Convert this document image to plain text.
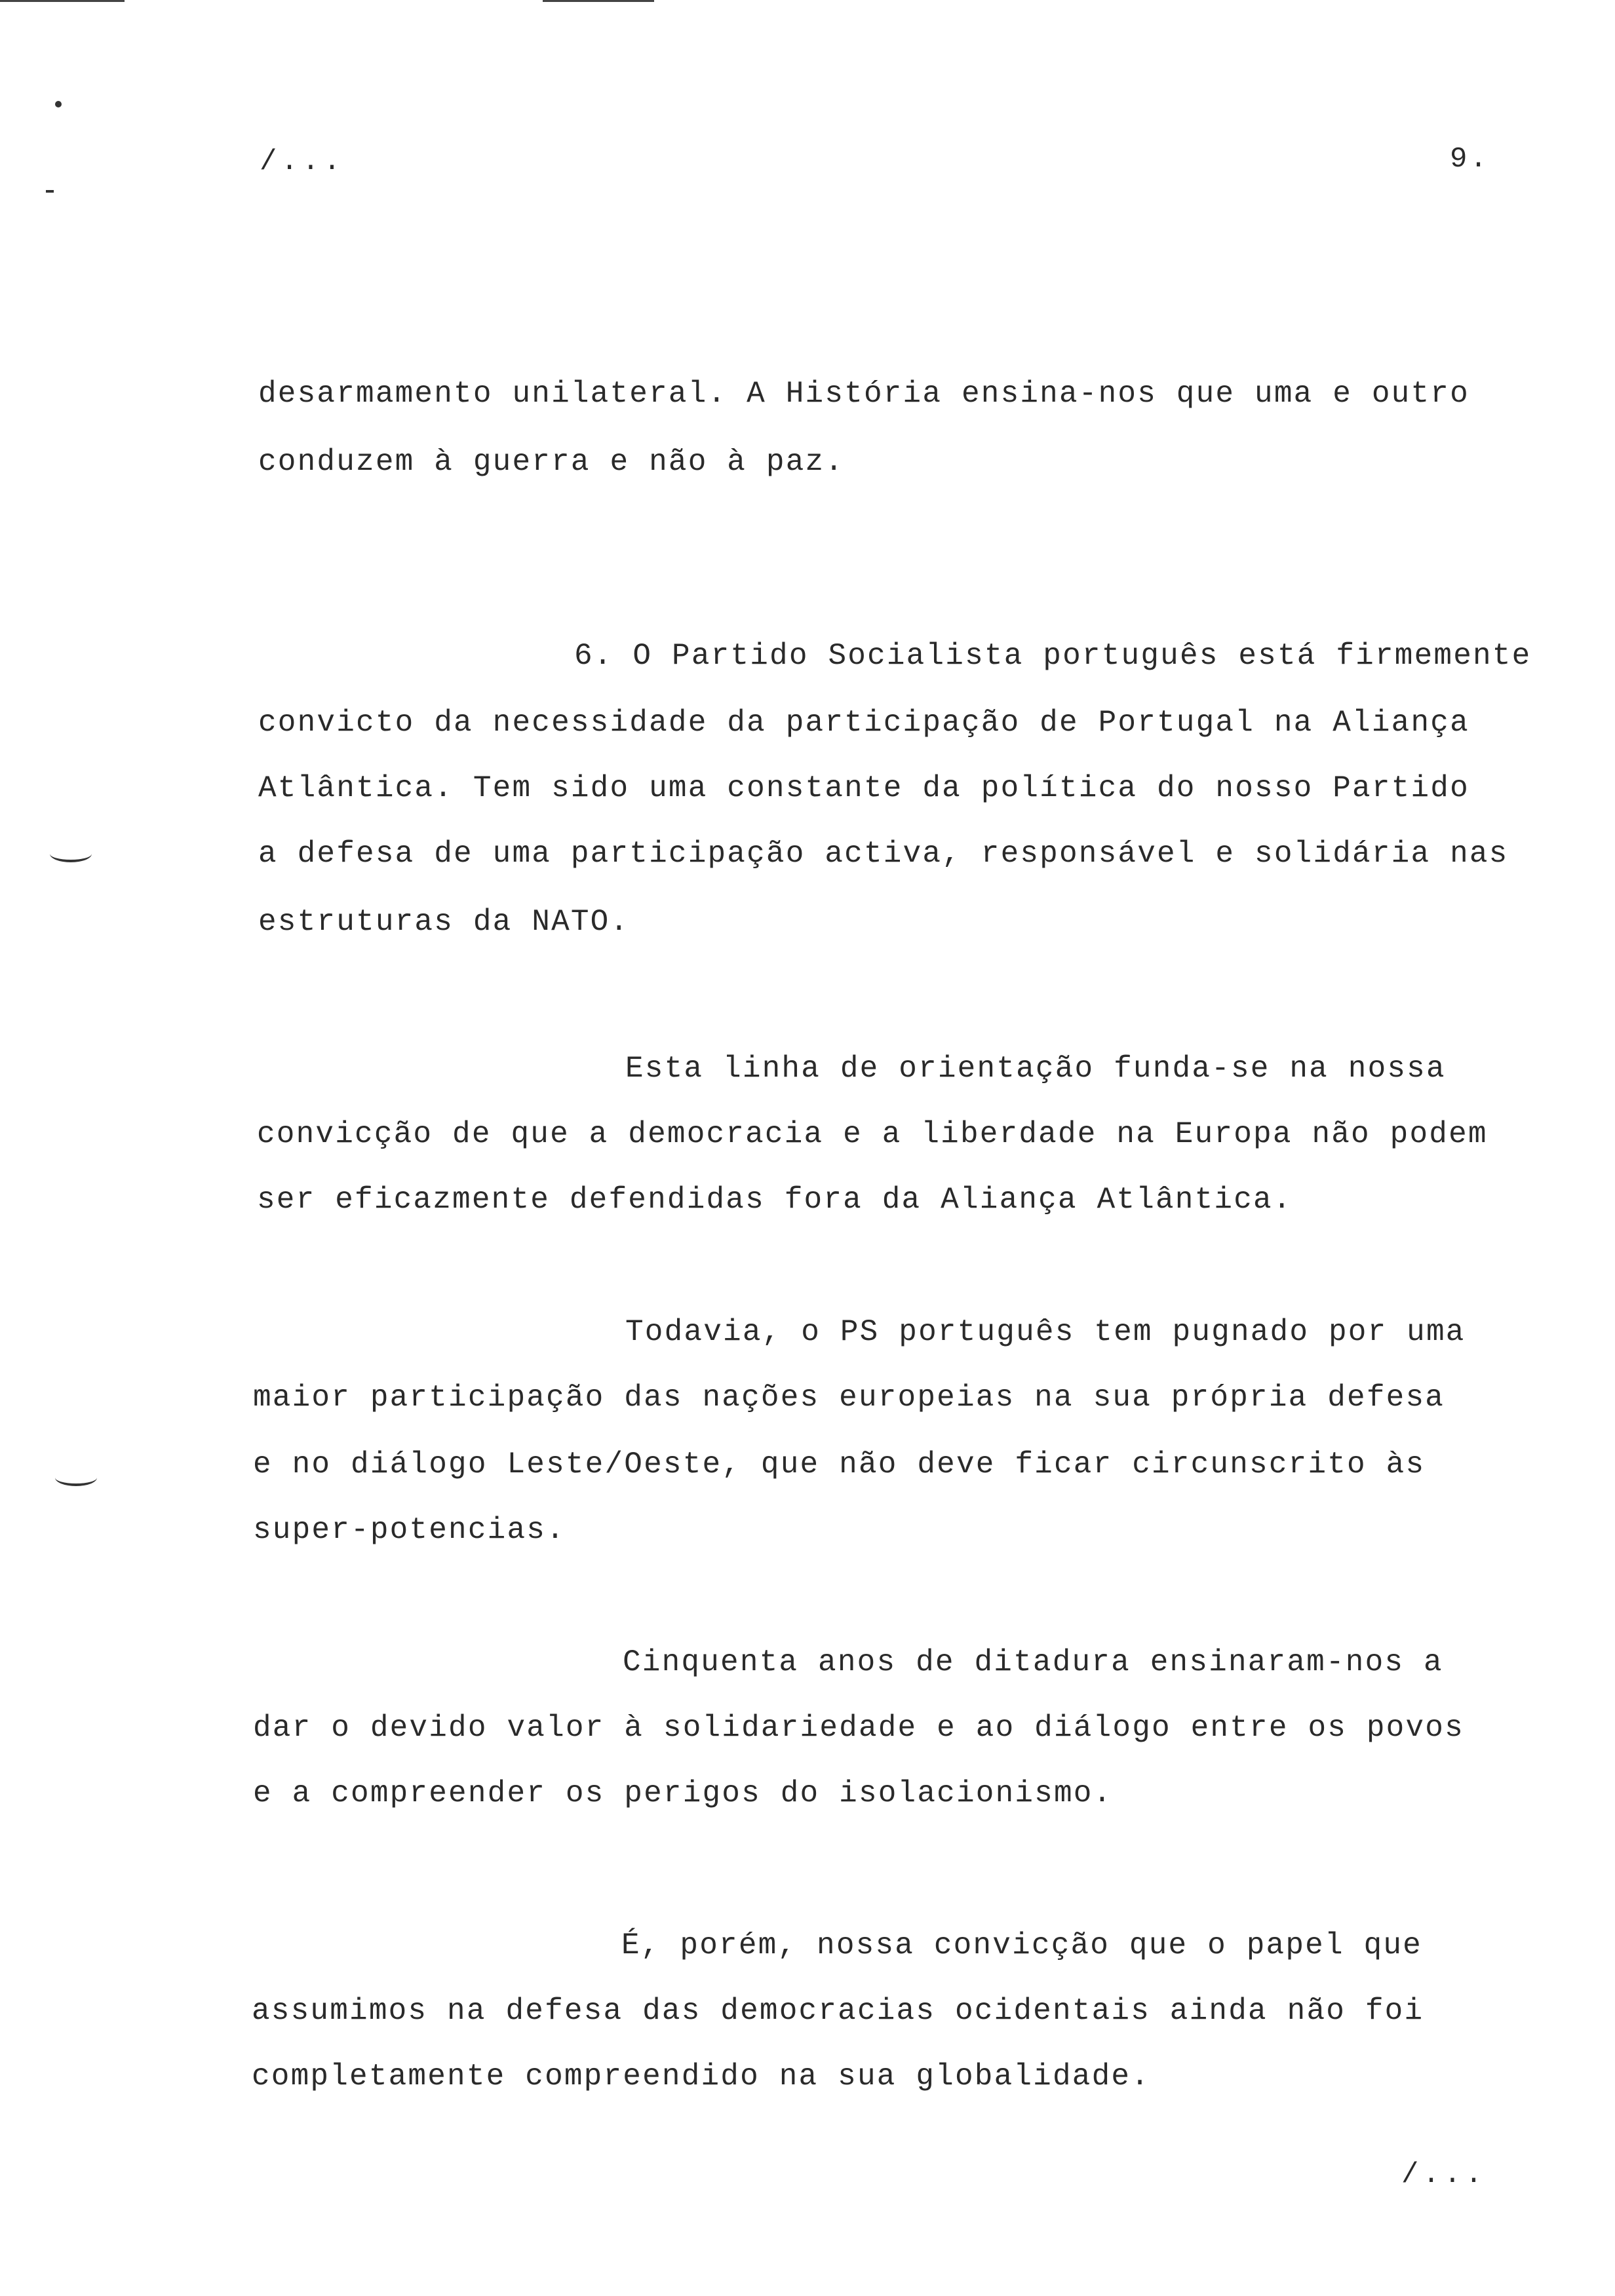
/...	9.
desarmamento unilateral. A História ensina-nos que uma e outro
conduzem à guerra e não à paz.
6. O Partido Socialista português está firmemente
convicto da necessidade da participação de Portugal na Aliança
Atlântica. Tem sido uma constante da política do nosso Partido
a defesa de uma participação activa, responsável e solidária nas
estruturas da NATO.
Esta linha de orientação funda-se na nossa
convicção de que a democracia e a liberdade na Europa não podem
ser eficazmente defendidas fora da Aliança Atlântica.
Todavia, o PS português tem pugnado por uma
maior participação das nações europeias na sua própria defesa
e no diálogo Leste/Oeste, que não deve ficar circunscrito às
super-potencias.
Cinquenta anos de ditadura ensinaram-nos a
dar o devido valor à solidariedade e ao diálogo entre os povos
e a compreender os perigos do isolacionismo.
É, porém, nossa convicção que o papel que
assumimos na defesa das democracias ocidentais ainda não foi
completamente compreendido na sua globalidade.
/...
